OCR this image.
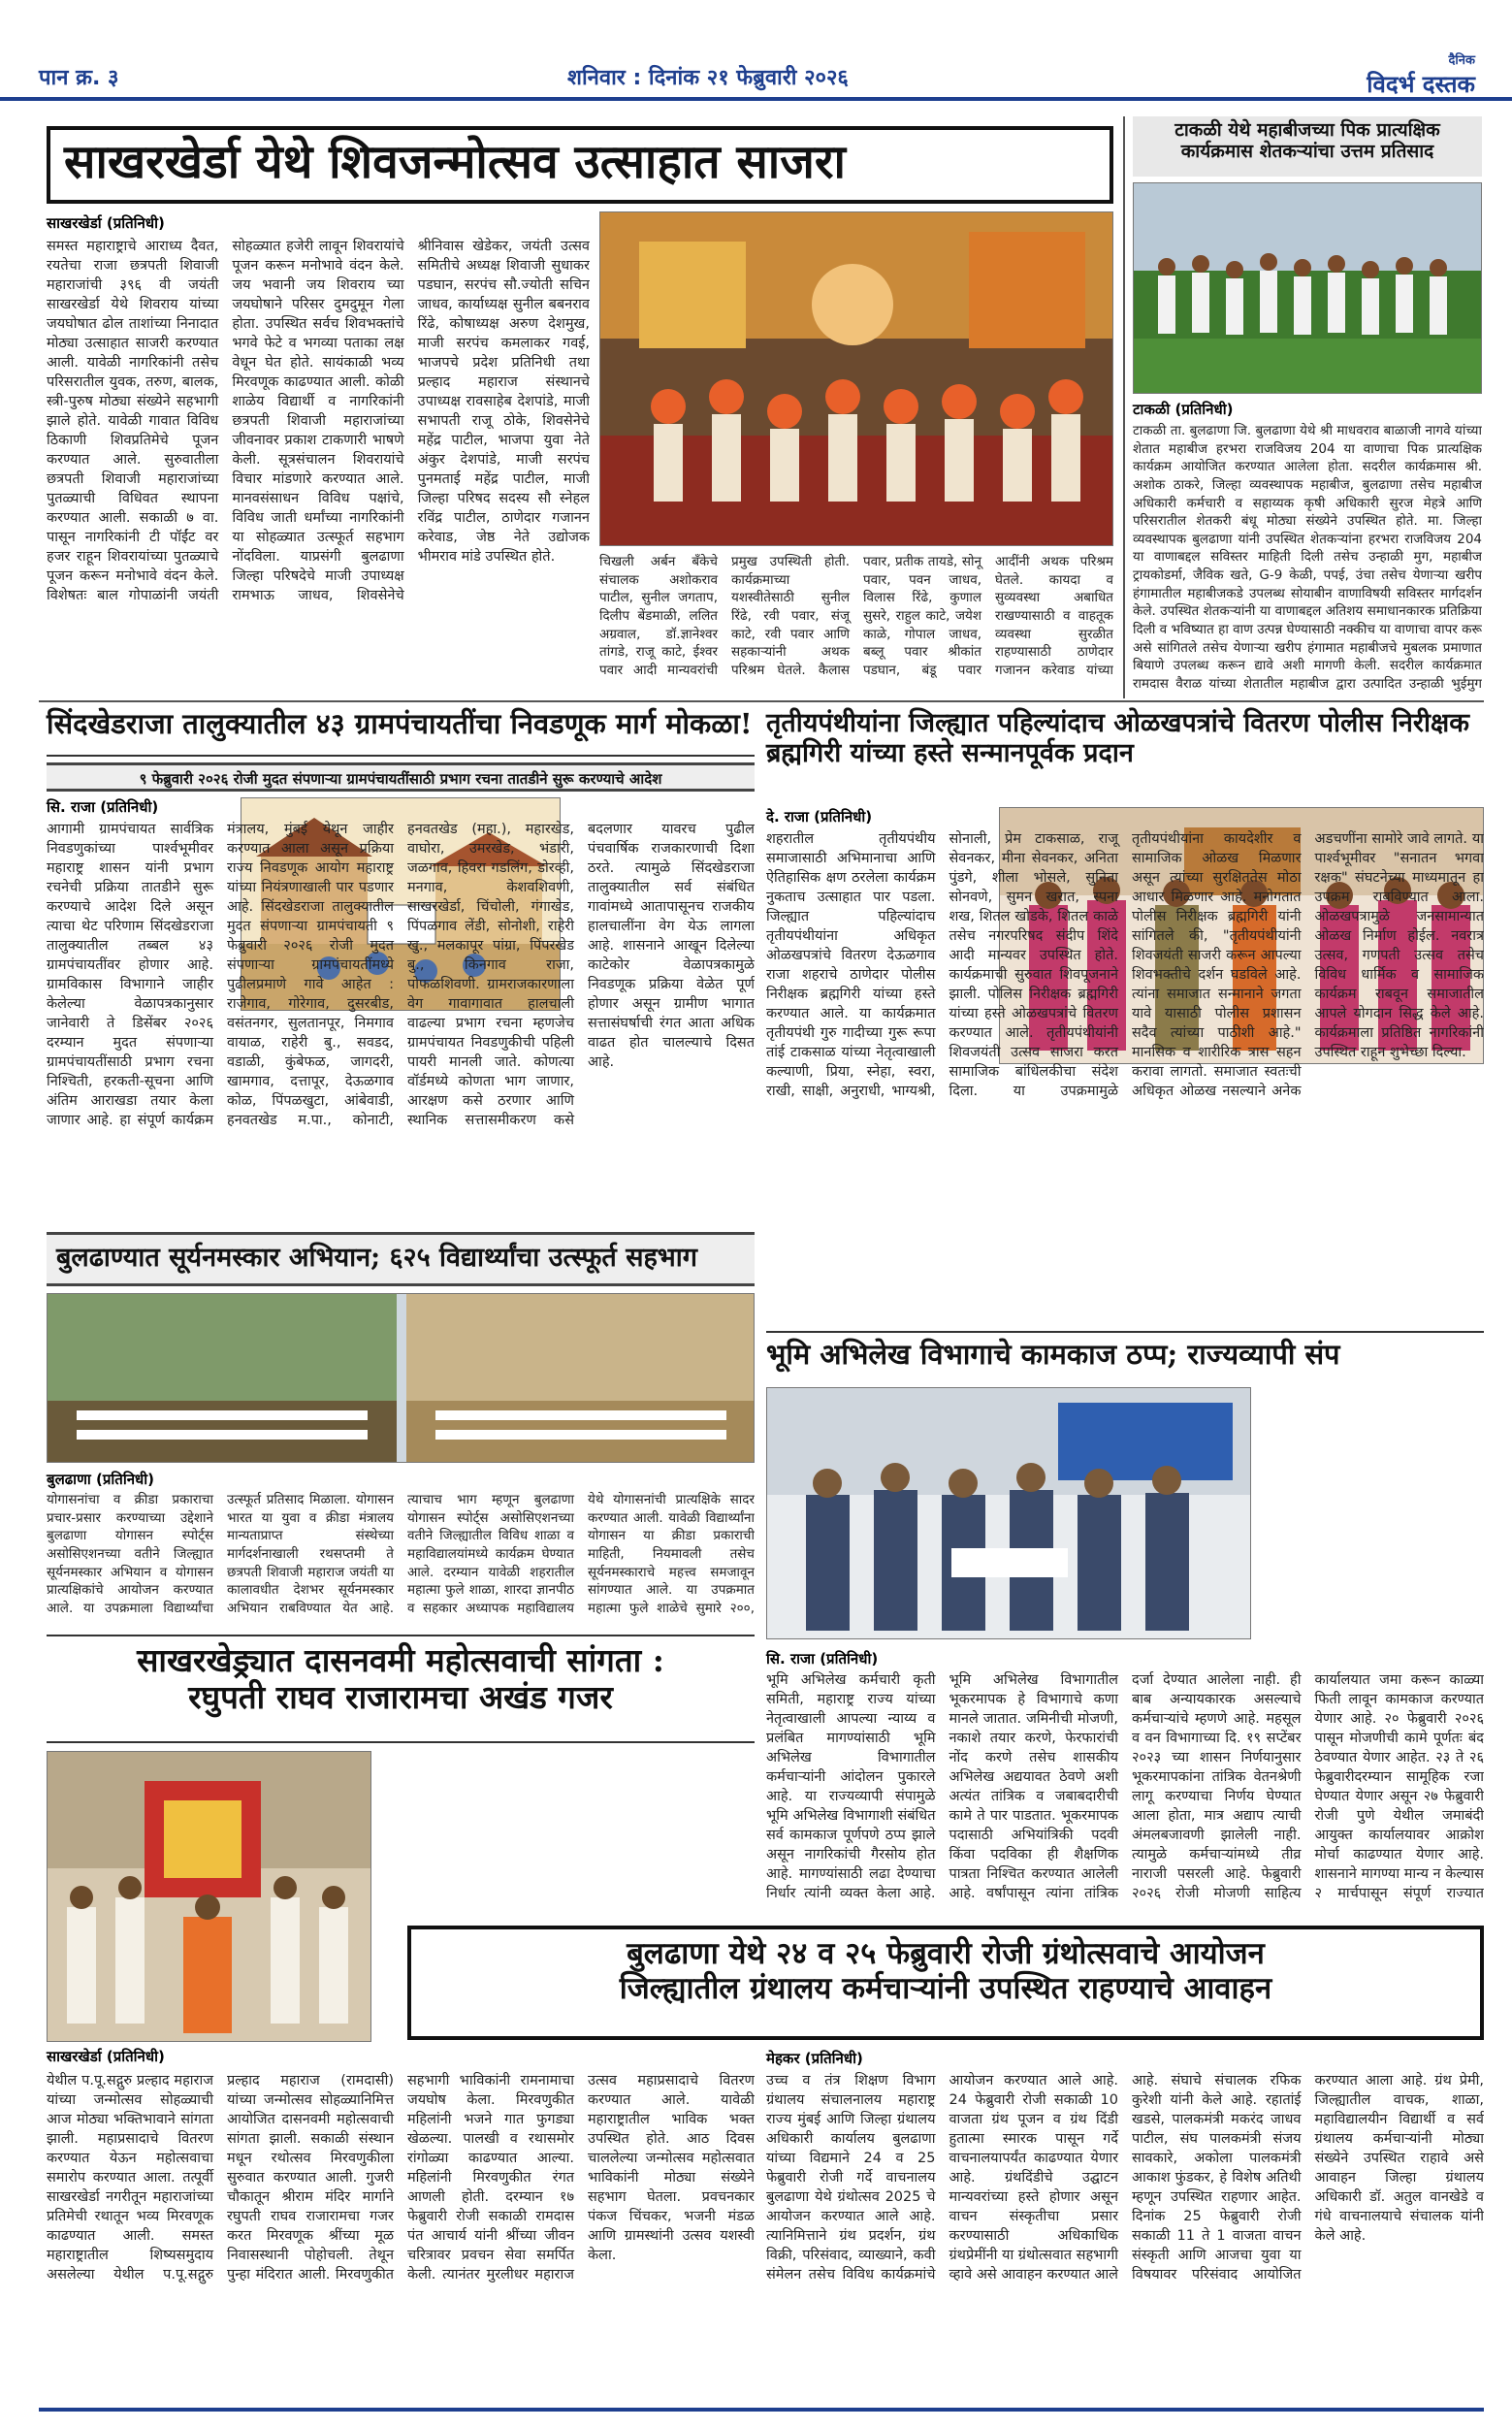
पान क्र. ३	शनिवार : दिनांक २१ फेब्रुवारी २०२६
दैनिक
विदर्भ दस्तक
साखरखेर्डा येथे शिवजन्मोत्सव उत्साहात साजरा
साखरखेर्डा (प्रतिनिधी)
समस्त महाराष्ट्राचे आराध्य दैवत, रयतेचा राजा छत्रपती शिवाजी महाराजांची ३९६ वी जयंती साखरखेर्डा येथे शिवराय यांच्या जयघोषात ढोल ताशांच्या निनादात मोठ्या उत्साहात साजरी करण्यात आली. यावेळी नागरिकांनी तसेच परिसरातील युवक, तरुण, बालक, स्त्री-पुरुष मोठ्या संख्येने सहभागी झाले होते. यावेळी गावात विविध ठिकाणी शिवप्रतिमेचे पूजन करण्यात आले. सुरुवातीला छत्रपती शिवाजी महाराजांच्या पुतळ्याची विधिवत स्थापना करण्यात आली. सकाळी ७ वा. पासून नागरिकांनी टी पॉईंट वर हजर राहून शिवरायांच्या पुतळ्याचे पूजन करून मनोभावे वंदन केले. विशेषतः बाल गोपाळांनी जयंती सोहळ्यात हजेरी लावून शिवरायांचे पूजन करून मनोभावे वंदन केले. जय भवानी जय शिवराय च्या जयघोषाने परिसर दुमदुमून गेला होता. उपस्थित सर्वच शिवभक्तांचे भगवे फेटे व भगव्या पताका लक्ष वेधून घेत होते. सायंकाळी भव्य मिरवणूक काढण्यात आली. कोळी शाळेय विद्यार्थी व नागरिकांनी छत्रपती शिवाजी महाराजांच्या जीवनावर प्रकाश टाकणारी भाषणे केली. सूत्रसंचालन शिवरायांचे विचार मांडणारे करण्यात आले. मानवसंसाधन विविध पक्षांचे, विविध जाती धर्मांच्या नागरिकांनी या सोहळ्यात उत्स्फूर्त सहभाग नोंदविला. याप्रसंगी बुलढाणा जिल्हा परिषदेचे माजी उपाध्यक्ष रामभाऊ जाधव, शिवसेनेचे श्रीनिवास खेडेकर, जयंती उत्सव समितीचे अध्यक्ष शिवाजी सुधाकर पडघान, सरपंच सौ.ज्योती सचिन जाधव, कार्याध्यक्ष सुनील बबनराव रिंढे, कोषाध्यक्ष अरुण देशमुख, माजी सरपंच कमलाकर गवई, भाजपचे प्रदेश प्रतिनिधी तथा प्रल्हाद महाराज संस्थानचे उपाध्यक्ष रावसाहेब देशपांडे, माजी सभापती राजू ठोके, शिवसेनेचे महेंद्र पाटील, भाजपा युवा नेते अंकुर देशपांडे, माजी सरपंच पुनमताई महेंद्र पाटील, माजी जिल्हा परिषद सदस्य सौ स्नेहल रविंद्र पाटील, ठाणेदार गजानन करेवाड, जेष्ठ नेते उद्योजक भीमराव मांडे उपस्थित होते.	चिखली अर्बन बँकेचे संचालक अशोकराव पाटील, सुनील जगताप, दिलीप बेंडमाळी, ललित अग्रवाल, डॉ.ज्ञानेश्वर तांगडे, राजू काटे, ईश्वर पवार आदी मान्यवरांची प्रमुख उपस्थिती होती. कार्यक्रमाच्या यशस्वीतेसाठी सुनील रिंढे, रवी पवार, संजू काटे, रवी पवार आणि सहकाऱ्यांनी अथक परिश्रम घेतले. कैलास पवार, प्रतीक तायडे, सोनू पवार, पवन जाधव, विलास रिंढे, कुणाल सुसरे, राहुल काटे, जयेश काळे, गोपाल जाधव, बब्लू पवार श्रीकांत पडघान, बंडू पवार आदींनी अथक परिश्रम घेतले. कायदा व सुव्यवस्था अबाधित राखण्यासाठी व वाहतूक व्यवस्था सुरळीत राहण्यासाठी ठाणेदार गजानन करेवाड यांच्या
टाकळी येथे महाबीजच्या पिक प्रात्यक्षिक कार्यक्रमास शेतकऱ्यांचा उत्तम प्रतिसाद
टाकळी (प्रतिनिधी)
टाकळी ता. बुलढाणा जि. बुलढाणा येथे श्री माधवराव बाळाजी नागवे यांच्या शेतात महाबीज हरभरा राजविजय 204 या वाणाचा पिक प्रात्यक्षिक कार्यक्रम आयोजित करण्यात आलेला होता. सदरील कार्यक्रमास श्री. अशोक ठाकरे, जिल्हा व्यवस्थापक महाबीज, बुलढाणा तसेच महाबीज अधिकारी कर्मचारी व सहाय्यक कृषी अधिकारी सुरज मेहत्रे आणि परिसरातील शेतकरी बंधू मोठ्या संख्येने उपस्थित होते. मा. जिल्हा व्यवस्थापक बुलढाणा यांनी उपस्थित शेतकऱ्यांना हरभरा राजविजय 204 या वाणाबद्दल सविस्तर माहिती दिली तसेच उन्हाळी मुग, महाबीज ट्रायकोडर्मा, जैविक खते, G-9 केळी, पपई, उंचा तसेच येणाऱ्या खरीप हंगामातील महाबीजकडे उपलब्ध सोयाबीन वाणाविषयी सविस्तर मार्गदर्शन केले. उपस्थित शेतकऱ्यांनी या वाणाबद्दल अतिशय समाधानकारक प्रतिक्रिया दिली व भविष्यात हा वाण उत्पन्न घेण्यासाठी नक्कीच या वाणाचा वापर करू असे सांगितले तसेच येणाऱ्या खरीप हंगामात महाबीजचे मुबलक प्रमाणात बियाणे उपलब्ध करून द्यावे अशी मागणी केली. सदरील कार्यक्रमात रामदास वैराळ यांच्या शेतातील महाबीज द्वारा उत्पादित उन्हाळी भुईमुग
सिंदखेडराजा तालुक्यातील ४३ ग्रामपंचायतींचा निवडणूक मार्ग मोकळा!
९ फेब्रुवारी २०२६ रोजी मुदत संपणाऱ्या ग्रामपंचायतींसाठी प्रभाग रचना तातडीने सुरू करण्याचे आदेश
सि. राजा (प्रतिनिधी)
आगामी ग्रामपंचायत सार्वत्रिक निवडणुकांच्या पार्श्वभूमीवर महाराष्ट्र शासन यांनी प्रभाग रचनेची प्रक्रिया तातडीने सुरू करण्याचे आदेश दिले असून त्याचा थेट परिणाम सिंदखेडराजा तालुक्यातील तब्बल ४३ ग्रामपंचायतींवर होणार आहे. ग्रामविकास विभागाने जाहीर केलेल्या वेळापत्रकानुसार जानेवारी ते डिसेंबर २०२६ दरम्यान मुदत संपणाऱ्या ग्रामपंचायतींसाठी प्रभाग रचना निश्चिती, हरकती-सूचना आणि अंतिम आराखडा तयार केला जाणार आहे. हा संपूर्ण कार्यक्रम मंत्रालय, मुंबई येथून जाहीर करण्यात आला असून प्रक्रिया राज्य निवडणूक आयोग महाराष्ट्र यांच्या नियंत्रणाखाली पार पडणार आहे. सिंदखेडराजा तालुक्यातील मुदत संपणाऱ्या ग्रामपंचायती ९ फेब्रुवारी २०२६ रोजी मुदत संपणाऱ्या ग्रामपंचायतींमध्ये पुढीलप्रमाणे गावे आहेत : राजेगाव, गोरेगाव, दुसरबीड, वसंतनगर, सुलतानपूर, निमगाव वायाळ, राहेरी बु., सवडद, वडाळी, कुंबेफळ, जागदरी, खामगाव, दत्तापूर, देऊळगाव कोळ, पिंपळखुटा, आंबेवाडी, हनवतखेड म.पा., कोनाटी, हनवतखेड (महा.), महारखेड, वाघोरा, उमरखेड, भंडारी, जळगाव, हिवरा गडलिंग, डोरव्ही, मनगाव, केशवशिवणी, साखरखेर्डा, चिंचोली, गंगाखेड, पिंपळगाव लेंडी, सोनोशी, राहेरी खु., मलकापूर पांग्रा, पिंपरखेड बु., किनगाव राजा, पोफळशिवणी. ग्रामराजकारणाला वेग गावागावात हालचाली वाढल्या प्रभाग रचना म्हणजेच ग्रामपंचायत निवडणुकीची पहिली पायरी मानली जाते. कोणत्या वॉर्डमध्ये कोणता भाग जाणार, आरक्षण कसे ठरणार आणि स्थानिक सत्तासमीकरण कसे बदलणार यावरच पुढील पंचवार्षिक राजकारणाची दिशा ठरते. त्यामुळे सिंदखेडराजा तालुक्यातील सर्व संबंधित गावांमध्ये आतापासूनच राजकीय हालचालींना वेग येऊ लागला आहे. शासनाने आखून दिलेल्या काटेकोर वेळापत्रकामुळे निवडणूक प्रक्रिया वेळेत पूर्ण होणार असून ग्रामीण भागात सत्तासंघर्षाची रंगत आता अधिक वाढत होत चालल्याचे दिसत आहे.
तृतीयपंथीयांना जिल्ह्यात पहिल्यांदाच ओळखपत्रांचे वितरण पोलीस निरीक्षक ब्रह्मगिरी यांच्या हस्ते सन्मानपूर्वक प्रदान
दे. राजा (प्रतिनिधी)
शहरातील तृतीयपंथीय समाजासाठी अभिमानाचा आणि ऐतिहासिक क्षण ठरलेला कार्यक्रम नुकताच उत्साहात पार पडला. जिल्ह्यात पहिल्यांदाच तृतीयपंथीयांना अधिकृत ओळखपत्रांचे वितरण देऊळगाव राजा शहराचे ठाणेदार पोलीस निरीक्षक ब्रह्मगिरी यांच्या हस्ते करण्यात आले. या कार्यक्रमात तृतीयपंथी गुरु गादीच्या गुरू रूपा तांई टाकसाळ यांच्या नेतृत्वाखाली कल्याणी, प्रिया, स्नेहा, स्वरा, राखी, साक्षी, अनुराधी, भाग्यश्री, सोनाली, प्रेम टाकसाळ, राजू सेवनकर, मीना सेवनकर, अनिता पुंडगे, शीला भोसले, सुनिता सोनवणे, सुमन खरात, स्पना शख, शितल खोडके, शितल काळे तसेच नगरपरिषद संदीप शिंदे आदी मान्यवर उपस्थित होते. कार्यक्रमाची सुरुवात शिवपूजनाने झाली. पोलिस निरीक्षक ब्रह्मगिरी यांच्या हस्ते ओळखपत्रांचे वितरण करण्यात आले. तृतीयपंथीयांनी शिवजयंती उत्सव साजरा करत सामाजिक बांधिलकीचा संदेश दिला. या उपक्रमामुळे तृतीयपंथीयांना कायदेशीर व सामाजिक ओळख मिळणार असून त्यांच्या सुरक्षिततेस मोठा आधार मिळणार आहे. मनोगतात पोलीस निरीक्षक ब्रह्मगिरी यांनी सांगितले की, "तृतीयपंथीयांनी शिवजयंती साजरी करून आपल्या शिवभक्तीचे दर्शन घडविले आहे. त्यांना समाजात सन्मानाने जगता यावे यासाठी पोलीस प्रशासन सदैव त्यांच्या पाठीशी आहे." मानसिक व शारीरिक त्रास सहन करावा लागतो. समाजात स्वतःची अधिकृत ओळख नसल्याने अनेक अडचणींना सामोरे जावे लागते. या पार्श्वभूमीवर "सनातन भगवा रक्षक" संघटनेच्या माध्यमातून हा उपक्रम राबविण्यात आला. ओळखपत्रामुळे जनसामान्यात ओळख निर्माण होईल. नवरात्र उत्सव, गणपती उत्सव तसेच विविध धार्मिक व सामाजिक कार्यक्रम राबवून समाजातील आपले योगदान सिद्ध केले आहे. कार्यक्रमाला प्रतिष्ठित नागरिकांनी उपस्थित राहून शुभेच्छा दिल्या.
बुलढाण्यात सूर्यनमस्कार अभियान; ६२५ विद्यार्थ्यांचा उत्स्फूर्त सहभाग
बुलढाणा (प्रतिनिधी)
योगासनांचा व क्रीडा प्रकाराचा प्रचार-प्रसार करण्याच्या उद्देशाने बुलढाणा योगासन स्पोर्ट्स असोसिएशनच्या वतीने जिल्ह्यात सूर्यनमस्कार अभियान व योगासन प्रात्यक्षिकांचे आयोजन करण्यात आले. या उपक्रमाला विद्यार्थ्यांचा उत्स्फूर्त प्रतिसाद मिळाला. योगासन भारत या युवा व क्रीडा मंत्रालय मान्यताप्राप्त संस्थेच्या मार्गदर्शनाखाली रथसप्तमी ते छत्रपती शिवाजी महाराज जयंती या कालावधीत देशभर सूर्यनमस्कार अभियान राबविण्यात येत आहे. त्याचाच भाग म्हणून बुलढाणा योगासन स्पोर्ट्स असोसिएशनच्या वतीने जिल्ह्यातील विविध शाळा व महाविद्यालयांमध्ये कार्यक्रम घेण्यात आले. दरम्यान यावेळी शहरातील महात्मा फुले शाळा, शारदा ज्ञानपीठ व सहकार अध्यापक महाविद्यालय येथे योगासनांची प्रात्यक्षिके सादर करण्यात आली. यावेळी विद्यार्थ्यांना योगासन या क्रीडा प्रकाराची माहिती, नियमावली तसेच सूर्यनमस्काराचे महत्त्व समजावून सांगण्यात आले. या उपक्रमात महात्मा फुले शाळेचे सुमारे २००,
भूमि अभिलेख विभागाचे कामकाज ठप्प; राज्यव्यापी संप
सि. राजा (प्रतिनिधी)
भूमि अभिलेख कर्मचारी कृती समिती, महाराष्ट्र राज्य यांच्या नेतृत्वाखाली आपल्या न्याय्य व प्रलंबित मागण्यांसाठी भूमि अभिलेख विभागातील कर्मचाऱ्यांनी आंदोलन पुकारले आहे. या राज्यव्यापी संपामुळे भूमि अभिलेख विभागाशी संबंधित सर्व कामकाज पूर्णपणे ठप्प झाले असून नागरिकांची गैरसोय होत आहे. मागण्यांसाठी लढा देण्याचा निर्धार त्यांनी व्यक्त केला आहे. भूमि अभिलेख विभागातील भूकरमापक हे विभागाचे कणा मानले जातात. जमिनीची मोजणी, नकाशे तयार करणे, फेरफारांची नोंद करणे तसेच शासकीय अभिलेख अद्ययावत ठेवणे अशी अत्यंत तांत्रिक व जबाबदारीची कामे ते पार पाडतात. भूकरमापक पदासाठी अभियांत्रिकी पदवी किंवा पदविका ही शैक्षणिक पात्रता निश्चित करण्यात आलेली आहे. वर्षांपासून त्यांना तांत्रिक दर्जा देण्यात आलेला नाही. ही बाब अन्यायकारक असल्याचे कर्मचाऱ्यांचे म्हणणे आहे. महसूल व वन विभागाच्या दि. १९ सप्टेंबर २०२३ च्या शासन निर्णयानुसार भूकरमापकांना तांत्रिक वेतनश्रेणी लागू करण्याचा निर्णय घेण्यात आला होता, मात्र अद्याप त्याची अंमलबजावणी झालेली नाही. त्यामुळे कर्मचाऱ्यांमध्ये तीव्र नाराजी पसरली आहे. फेब्रुवारी २०२६ रोजी मोजणी साहित्य कार्यालयात जमा करून काळ्या फिती लावून कामकाज करण्यात येणार आहे. २० फेब्रुवारी २०२६ पासून मोजणीची कामे पूर्णतः बंद ठेवण्यात येणार आहेत. २३ ते २६ फेब्रुवारीदरम्यान सामूहिक रजा घेण्यात येणार असून २७ फेब्रुवारी रोजी पुणे येथील जमाबंदी आयुक्त कार्यालयावर आक्रोश मोर्चा काढण्यात येणार आहे. शासनाने मागण्या मान्य न केल्यास २ मार्चपासून संपूर्ण राज्यात
साखरखेड्र्यात दासनवमी महोत्सवाची सांगता :
रघुपती राघव राजारामचा अखंड गजर
साखरखेर्डा (प्रतिनिधी)
येथील प.पू.सद्गुरु प्रल्हाद महाराज यांच्या जन्मोत्सव सोहळ्याची आज मोठ्या भक्तिभावाने सांगता झाली. महाप्रसादाचे वितरण करण्यात येऊन महोत्सवाचा समारोप करण्यात आला. तत्पूर्वी साखरखेर्डा नगरीतून महाराजांच्या प्रतिमेची रथातून भव्य मिरवणूक काढण्यात आली. समस्त महाराष्ट्रातील शिष्यसमुदाय असलेल्या येथील प.पू.सद्गुरु प्रल्हाद महाराज (रामदासी) यांच्या जन्मोत्सव सोहळ्यानिमित्त आयोजित दासनवमी महोत्सवाची सांगता झाली. सकाळी संस्थान मधून रथोत्सव मिरवणुकीला सुरुवात करण्यात आली. गुजरी चौकातून श्रीराम मंदिर मार्गाने रघुपती राघव राजारामचा गजर करत मिरवणूक श्रींच्या मूळ निवासस्थानी पोहोचली. तेथून पुन्हा मंदिरात आली. मिरवणुकीत सहभागी भाविकांनी रामनामाचा जयघोष केला. मिरवणुकीत महिलांनी भजने गात फुगड्या खेळल्या. पालखी व रथासमोर रांगोळ्या काढण्यात आल्या. महिलांनी मिरवणुकीत रंगत आणली होती. दरम्यान १७ फेब्रुवारी रोजी सकाळी रामदास पंत आचार्य यांनी श्रींच्या जीवन चरित्रावर प्रवचन सेवा समर्पित केली. त्यानंतर मुरलीधर महाराज उत्सव महाप्रसादाचे वितरण करण्यात आले. यावेळी महाराष्ट्रातील भाविक भक्त उपस्थित होते. आठ दिवस चाललेल्या जन्मोत्सव महोत्सवात भाविकांनी मोठ्या संख्येने सहभाग घेतला. प्रवचनकार पंकज चिंचकर, भजनी मंडळ आणि ग्रामस्थांनी उत्सव यशस्वी केला.
बुलढाणा येथे २४ व २५ फेब्रुवारी रोजी ग्रंथोत्सवाचे आयोजन
जिल्ह्यातील ग्रंथालय कर्मचाऱ्यांनी उपस्थित राहण्याचे आवाहन
मेहकर (प्रतिनिधी)
उच्च व तंत्र शिक्षण विभाग ग्रंथालय संचालनालय महाराष्ट्र राज्य मुंबई आणि जिल्हा ग्रंथालय अधिकारी कार्यालय बुलढाणा यांच्या विद्यमाने 24 व 25 फेब्रुवारी रोजी गर्दे वाचनालय बुलढाणा येथे ग्रंथोत्सव 2025 चे आयोजन करण्यात आले आहे. त्यानिमित्ताने ग्रंथ प्रदर्शन, ग्रंथ विक्री, परिसंवाद, व्याख्याने, कवी संमेलन तसेच विविध कार्यक्रमांचे आयोजन करण्यात आले आहे. 24 फेब्रुवारी रोजी सकाळी 10 वाजता ग्रंथ पूजन व ग्रंथ दिंडी हुतात्मा स्मारक पासून गर्दे वाचनालयापर्यंत काढण्यात येणार आहे. ग्रंथदिंडीचे उद्घाटन मान्यवरांच्या हस्ते होणार असून वाचन संस्कृतीचा प्रसार करण्यासाठी अधिकाधिक ग्रंथप्रेमींनी या ग्रंथोत्सवात सहभागी व्हावे असे आवाहन करण्यात आले आहे. संघाचे संचालक रफिक कुरेशी यांनी केले आहे. रहातांई खडसे, पालकमंत्री मकरंद जाधव पाटील, संघ पालकमंत्री संजय सावकारे, अकोला पालकमंत्री आकाश फुंडकर, हे विशेष अतिथी म्हणून उपस्थित राहणार आहेत. दिनांक 25 फेब्रुवारी रोजी सकाळी 11 ते 1 वाजता वाचन संस्कृती आणि आजचा युवा या विषयावर परिसंवाद आयोजित करण्यात आला आहे. ग्रंथ प्रेमी, जिल्ह्यातील वाचक, शाळा, महाविद्यालयीन विद्यार्थी व सर्व ग्रंथालय कर्मचाऱ्यांनी मोठ्या संख्येने उपस्थित राहावे असे आवाहन जिल्हा ग्रंथालय अधिकारी डॉ. अतुल वानखेडे व गंधे वाचनालयाचे संचालक यांनी केले आहे.
